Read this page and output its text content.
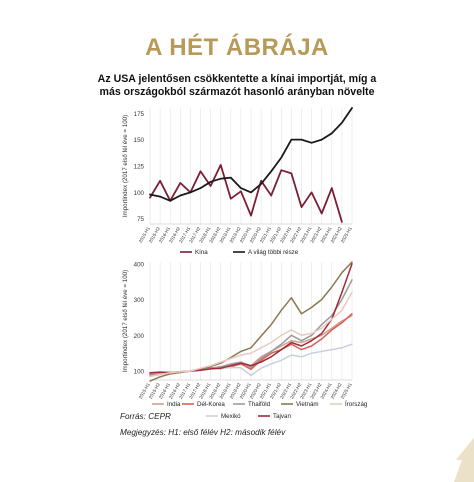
A HÉT ÁBRÁJA
Az USA jelentősen csökkentette a kínai importját, míg a
más országokból származót hasonló arányban növelte
75
100
125
150
175
2015-H1
2015-H2
2016-H1
2016-H2
2017-H1
2017-H2
2018-H1
2018-H2
2019-H1
2019-H2
2020-H1
2020-H2
2021-H1
2021-H2
2022-H1
2022-H2
2023-H1
2023-H2
2024-H1
2024-H2
2025-H1
Importindex (2017 első fél éve = 100)
Kína	A világ többi része
100
200
300
400
2015-H1
2015-H2
2016-H1
2016-H2
2017-H1
2017-H2
2018-H1
2018-H2
2019-H1
2019-H2
2020-H1
2020-H2
2021-H1
2021-H2
2022-H1
2022-H2
2023-H1
2023-H2
2024-H1
2024-H2
2025-H1
Importindex (2017 első fél éve = 100)
India	Dél-Korea	Thaiföld	Vietnám	Írország
Mexikó	Tajvan
Forrás: CEPR
Megjegyzés: H1: első félév H2: második félév
